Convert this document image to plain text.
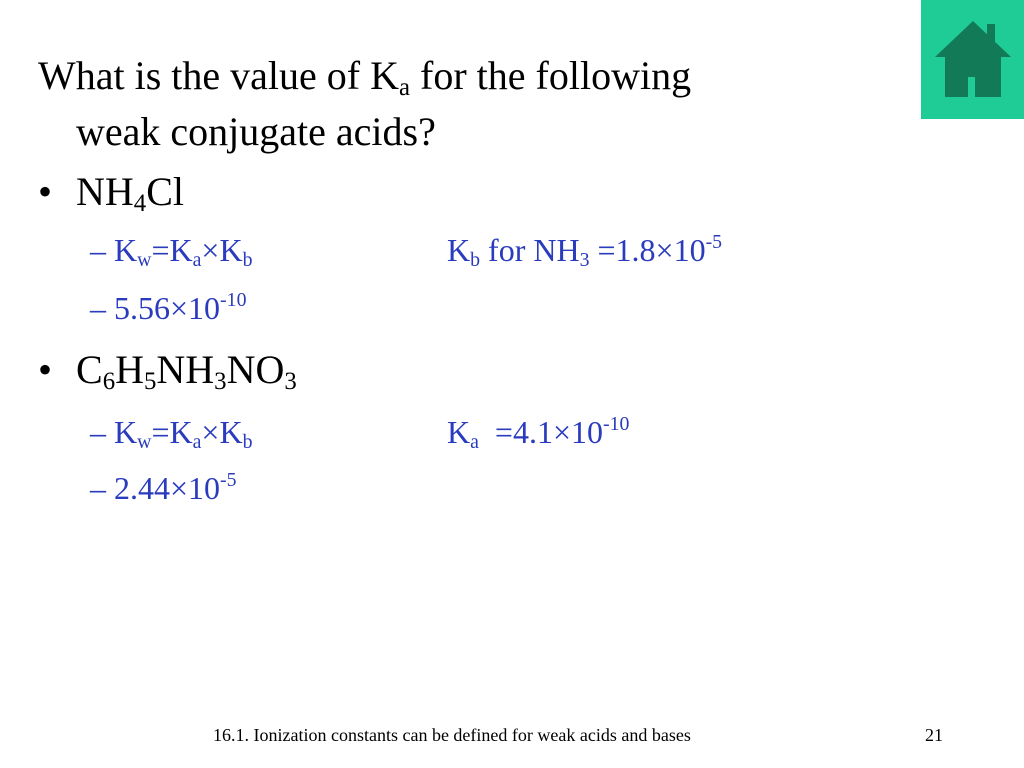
What is the value of $K_a$ for the following
weak conjugate acids?
• $NH_4Cl$
– $K_w=K_a\times K_b$	$K_b$ for $NH_3 =1.8\times 10^{-5}$
– $5.56\times 10^{-10}$
• $C_6H_5NH_3NO_3$
– $K_w=K_a\times K_b$	$K_a =4.1\times 10^{-10}$
– $2.44\times 10^{-5}$
16.1. Ionization constants can be defined for weak acids and bases	21
